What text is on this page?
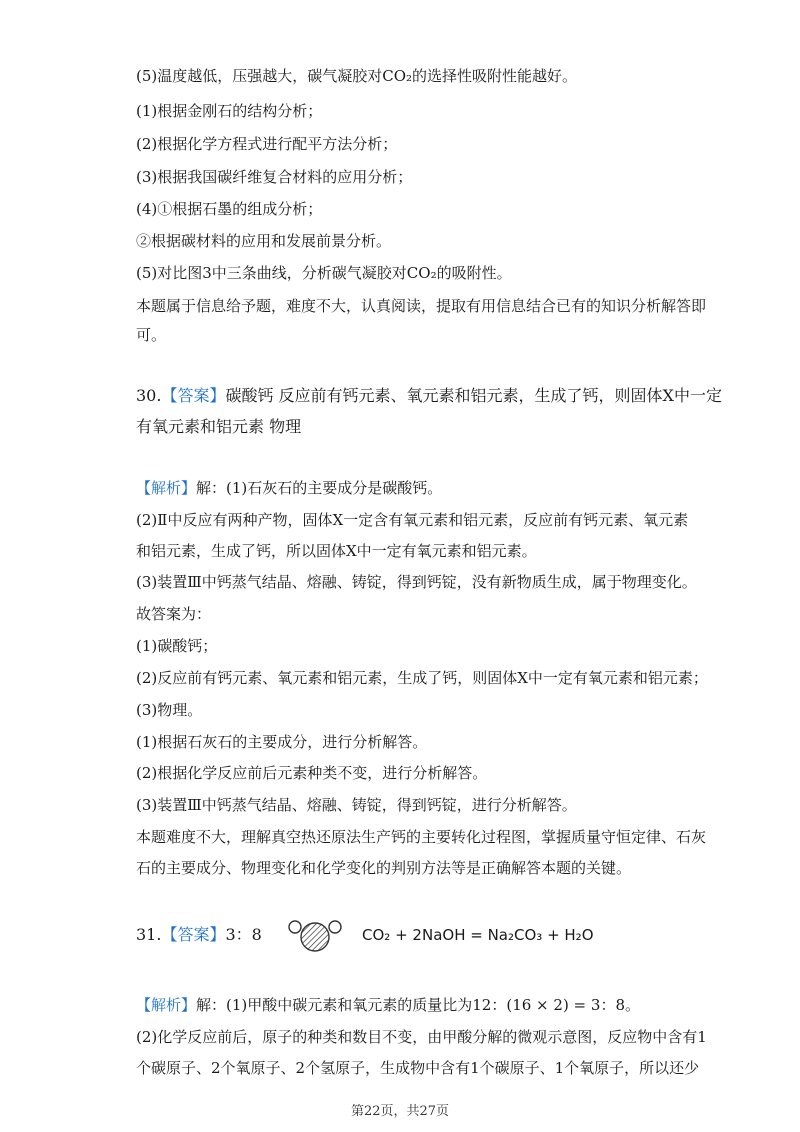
(5)温度越低，压强越大，碳气凝胶对CO₂的选择性吸附性能越好。
(1)根据金刚石的结构分析；
(2)根据化学方程式进行配平方法分析；
(3)根据我国碳纤维复合材料的应用分析；
(4)①根据石墨的组成分析；
②根据碳材料的应用和发展前景分析。
(5)对比图3中三条曲线，分析碳气凝胶对CO₂的吸附性。
本题属于信息给予题，难度不大，认真阅读，提取有用信息结合已有的知识分析解答即
可。
30.【答案】碳酸钙 反应前有钙元素、氧元素和铝元素，生成了钙，则固体X中一定
有氧元素和铝元素 物理
【解析】解：(1)石灰石的主要成分是碳酸钙。
(2)Ⅱ中反应有两种产物，固体X一定含有氧元素和铝元素，反应前有钙元素、氧元素
和铝元素，生成了钙，所以固体X中一定有氧元素和铝元素。
(3)装置Ⅲ中钙蒸气结晶、熔融、铸锭，得到钙锭，没有新物质生成，属于物理变化。
故答案为：
(1)碳酸钙；
(2)反应前有钙元素、氧元素和铝元素，生成了钙，则固体X中一定有氧元素和铝元素；
(3)物理。
(1)根据石灰石的主要成分，进行分析解答。
(2)根据化学反应前后元素种类不变，进行分析解答。
(3)装置Ⅲ中钙蒸气结晶、熔融、铸锭，得到钙锭，进行分析解答。
本题难度不大，理解真空热还原法生产钙的主要转化过程图，掌握质量守恒定律、石灰
石的主要成分、物理变化和化学变化的判别方法等是正确解答本题的关键。
31.【答案】3：8	CO₂ + 2NaOH = Na₂CO₃ + H₂O
【解析】解：(1)甲酸中碳元素和氧元素的质量比为12：(16 × 2) = 3：8。
(2)化学反应前后，原子的种类和数目不变，由甲酸分解的微观示意图，反应物中含有1
个碳原子、2个氧原子、2个氢原子，生成物中含有1个碳原子、1个氧原子，所以还少
第22页，共27页
